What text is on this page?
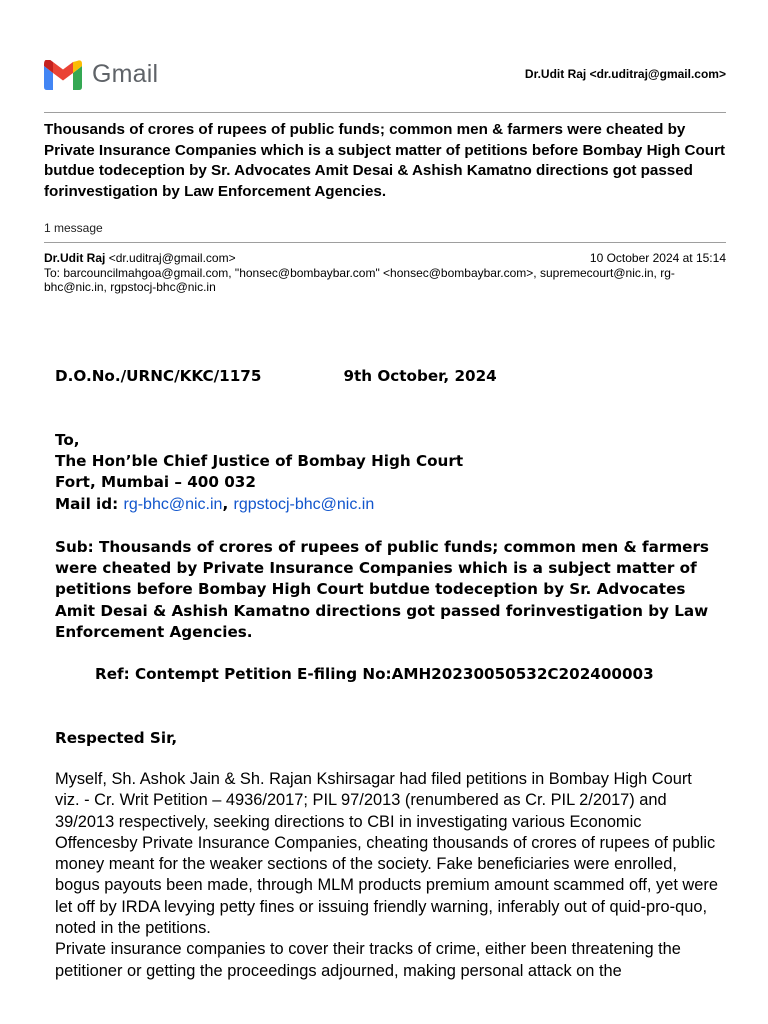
Gmail	Dr.Udit Raj <dr.uditraj@gmail.com>
Thousands of crores of rupees of public funds; common men & farmers were cheated by Private Insurance Companies which is a subject matter of petitions before Bombay High Court butdue todeception by Sr. Advocates Amit Desai & Ashish Kamatno directions got passed forinvestigation by Law Enforcement Agencies.
1 message
Dr.Udit Raj <dr.uditraj@gmail.com>	10 October 2024 at 15:14
To: barcouncilmahgoa@gmail.com, "honsec@bombaybar.com" <honsec@bombaybar.com>, supremecourt@nic.in, rg-bhc@nic.in, rgpstocj-bhc@nic.in
D.O.No./URNC/KKC/1175	9th October, 2024
To,
The Hon’ble Chief Justice of Bombay High Court
Fort, Mumbai – 400 032
Mail id: rg-bhc@nic.in, rgpstocj-bhc@nic.in
Sub: Thousands of crores of rupees of public funds; common men & farmers were cheated by Private Insurance Companies which is a subject matter of petitions before Bombay High Court butdue todeception by Sr. Advocates Amit Desai & Ashish Kamatno directions got passed forinvestigation by Law Enforcement Agencies.
Ref: Contempt Petition E-filing No:AMH20230050532C202400003
Respected Sir,

Myself, Sh. Ashok Jain & Sh. Rajan Kshirsagar had filed petitions in Bombay High Court viz. - Cr. Writ Petition – 4936/2017; PIL 97/2013 (renumbered as Cr. PIL 2/2017) and 39/2013 respectively, seeking directions to CBI in investigating various Economic Offencesby Private Insurance Companies, cheating thousands of crores of rupees of public money meant for the weaker sections of the society. Fake beneficiaries were enrolled, bogus payouts been made, through MLM products premium amount scammed off, yet were let off by IRDA levying petty fines or issuing friendly warning, inferably out of quid-pro-quo, noted in the petitions.

Private insurance companies to cover their tracks of crime, either been threatening the petitioner or getting the proceedings adjourned, making personal attack on the
